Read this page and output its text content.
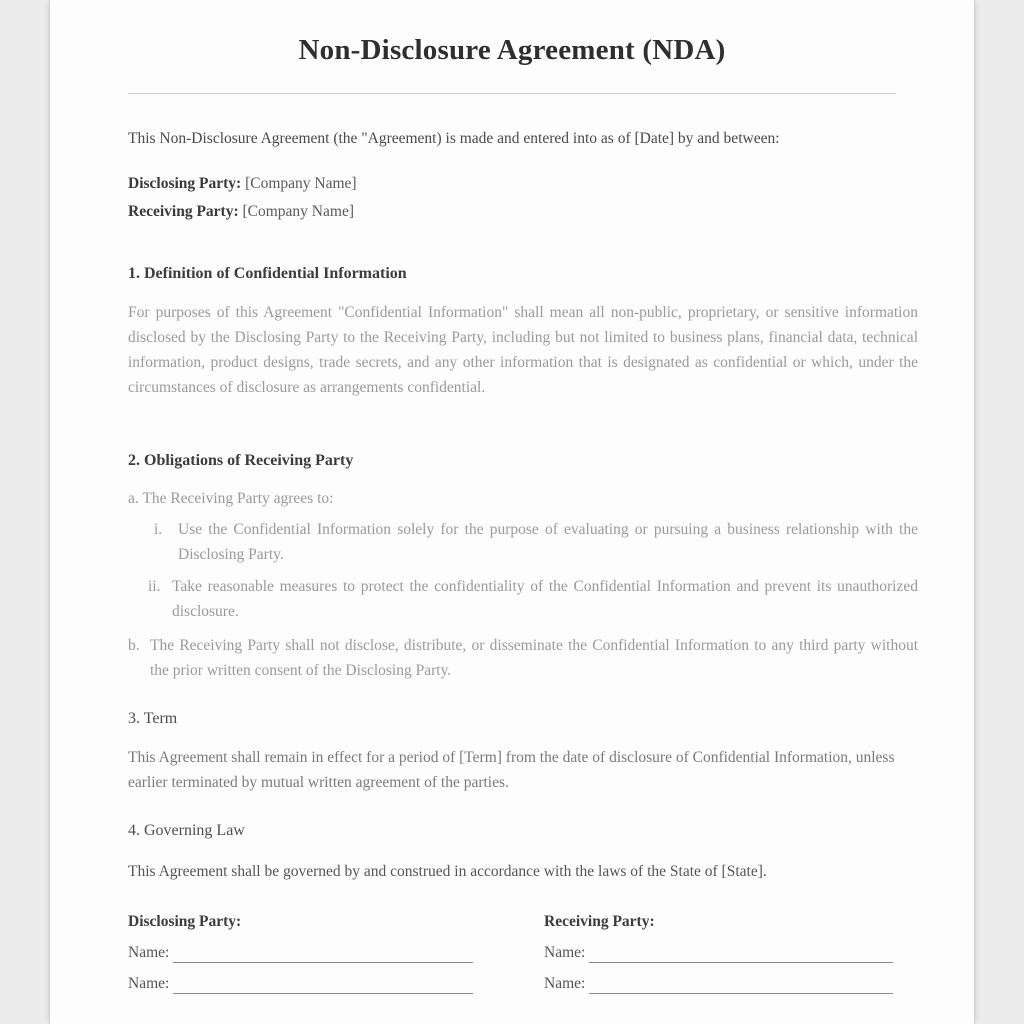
Non-Disclosure Agreement (NDA)
This Non-Disclosure Agreement (the "Agreement) is made and entered into as of [Date] by and between:
Disclosing Party: [Company Name]
Receiving Party: [Company Name]
1. Definition of Confidential Information
For purposes of this Agreement "Confidential Information" shall mean all non-public, proprietary, or sensitive information disclosed by the Disclosing Party to the Receiving Party, including but not limited to business plans, financial data, technical information, product designs, trade secrets, and any other information that is designated as confidential or which, under the circumstances of disclosure as arrangements confidential.
2. Obligations of Receiving Party
a. The Receiving Party agrees to:
i.	Use the Confidential Information solely for the purpose of evaluating or pursuing a business relationship with the Disclosing Party.
ii. Take reasonable measures to protect the confidentiality of the Confidential Information and prevent its unauthorized disclosure.
b. The Receiving Party shall not disclose, distribute, or disseminate the Confidential Information to any third party without the prior written consent of the Disclosing Party.
3. Term
This Agreement shall remain in effect for a period of [Term] from the date of disclosure of Confidential Information, unless earlier terminated by mutual written agreement of the parties.
4. Governing Law
This Agreement shall be governed by and construed in accordance with the laws of the State of [State].
Disclosing Party:
Name:
Name:
Receiving Party:
Name:
Name:
